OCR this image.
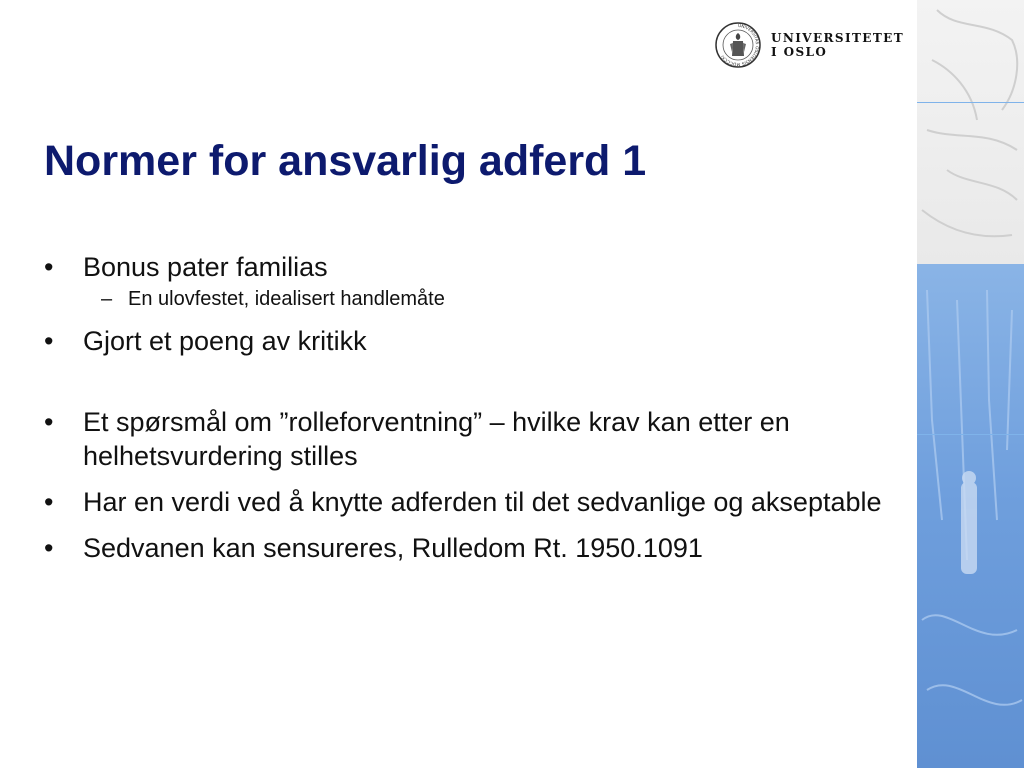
UNIVERSITAS OSLOENSIS MDCCCXI
UNIVERSITETET
I OSLO
Normer for ansvarlig adferd 1
• Bonus pater familias
– En ulovfestet, idealisert handlemåte
• Gjort et poeng av kritikk
• Et spørsmål om ”rolleforventning” – hvilke krav kan etter en helhetsvurdering stilles
• Har en verdi ved å knytte adferden til det sedvanlige og akseptable
• Sedvanen kan sensureres, Rulledom Rt. 1950.1091
